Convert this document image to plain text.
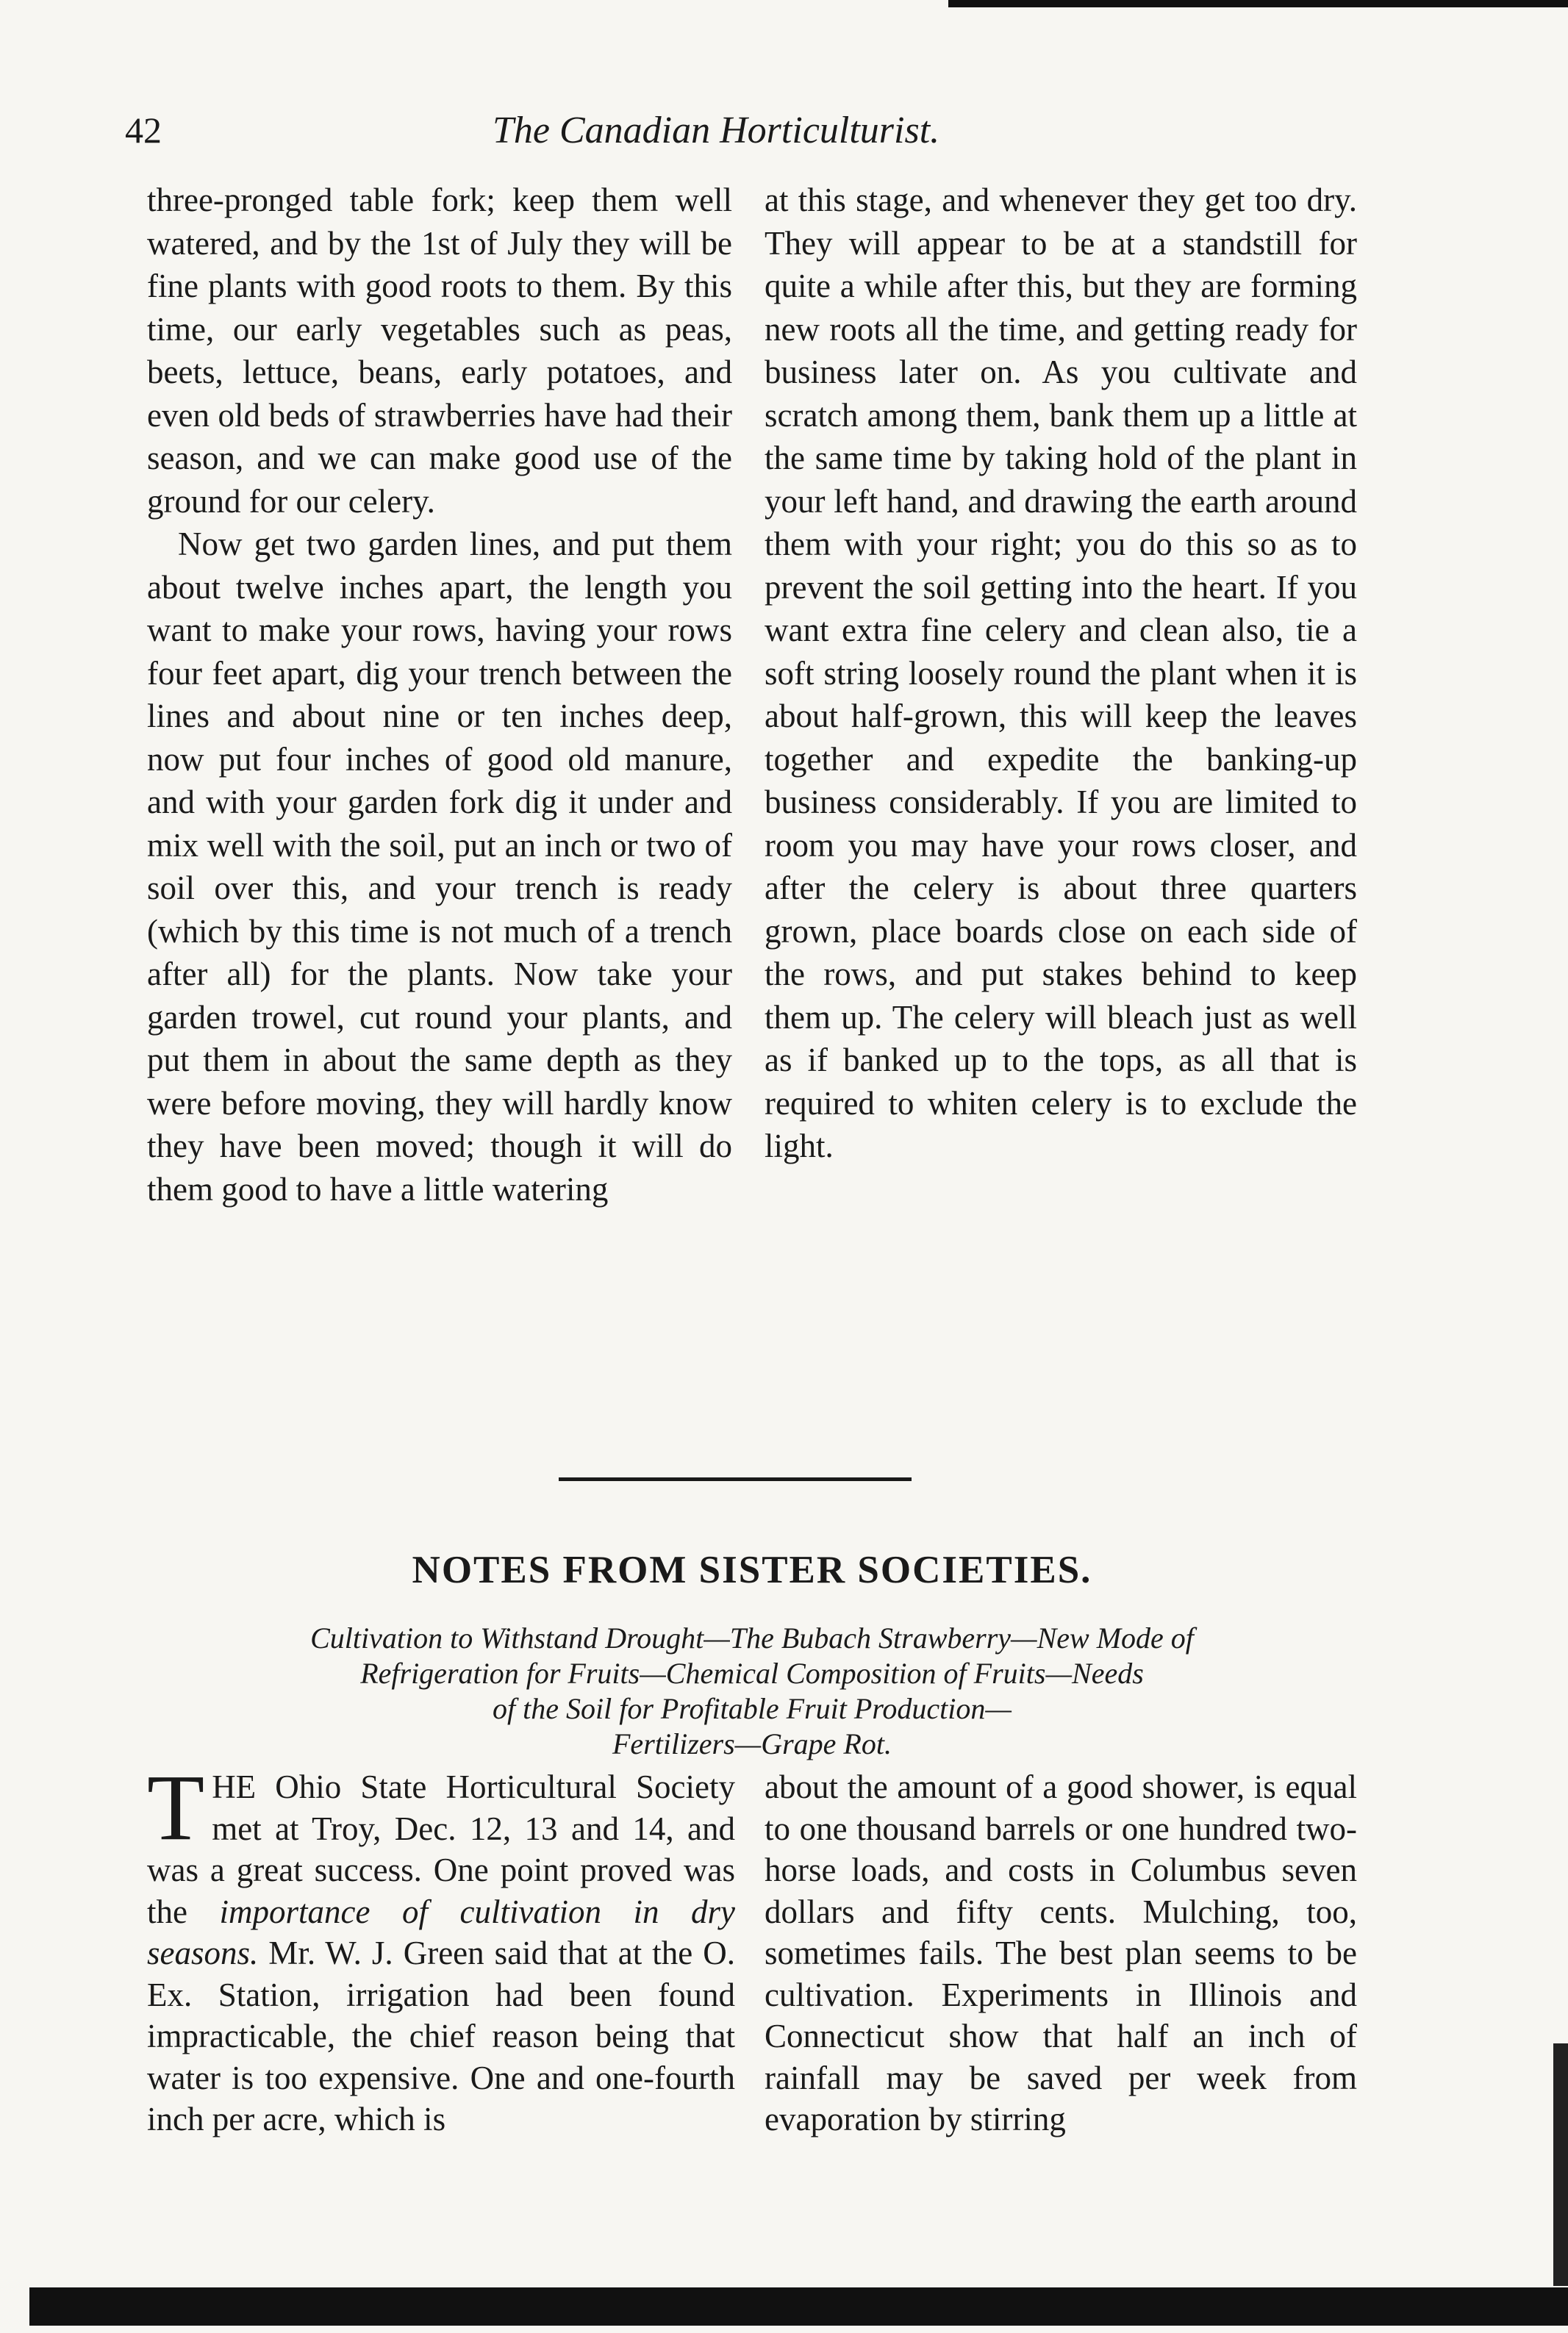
42	The Canadian Horticulturist.

three-pronged table fork; keep them well watered, and by the 1st of July they will be fine plants with good roots to them. By this time, our early vegetables such as peas, beets, lettuce, beans, early potatoes, and even old beds of strawberries have had their season, and we can make good use of the ground for our celery.

Now get two garden lines, and put them about twelve inches apart, the length you want to make your rows, having your rows four feet apart, dig your trench between the lines and about nine or ten inches deep, now put four inches of good old manure, and with your garden fork dig it under and mix well with the soil, put an inch or two of soil over this, and your trench is ready (which by this time is not much of a trench after all) for the plants. Now take your garden trowel, cut round your plants, and put them in about the same depth as they were before moving, they will hardly know they have been moved; though it will do them good to have a little watering

at this stage, and whenever they get too dry. They will appear to be at a standstill for quite a while after this, but they are forming new roots all the time, and getting ready for business later on. As you cultivate and scratch among them, bank them up a little at the same time by taking hold of the plant in your left hand, and drawing the earth around them with your right; you do this so as to prevent the soil getting into the heart. If you want extra fine celery and clean also, tie a soft string loosely round the plant when it is about half-grown, this will keep the leaves together and expedite the banking-up business considerably. If you are limited to room you may have your rows closer, and after the celery is about three quarters grown, place boards close on each side of the rows, and put stakes behind to keep them up. The celery will bleach just as well as if banked up to the tops, as all that is required to whiten celery is to exclude the light.

NOTES FROM SISTER SOCIETIES.
Cultivation to Withstand Drought—The Bubach Strawberry—New Mode of
Refrigeration for Fruits—Chemical Composition of Fruits—Needs
of the Soil for Profitable Fruit Production—
Fertilizers—Grape Rot.

THE Ohio State Horticultural Society met at Troy, Dec. 12, 13 and 14, and was a great success. One point proved was the importance of cultivation in dry seasons. Mr. W. J. Green said that at the O. Ex. Station, irrigation had been found impracticable, the chief reason being that water is too expensive. One and one-fourth inch per acre, which is

about the amount of a good shower, is equal to one thousand barrels or one hundred two-horse loads, and costs in Columbus seven dollars and fifty cents. Mulching, too, sometimes fails. The best plan seems to be cultivation. Experiments in Illinois and Connecticut show that half an inch of rainfall may be saved per week from evaporation by stirring
